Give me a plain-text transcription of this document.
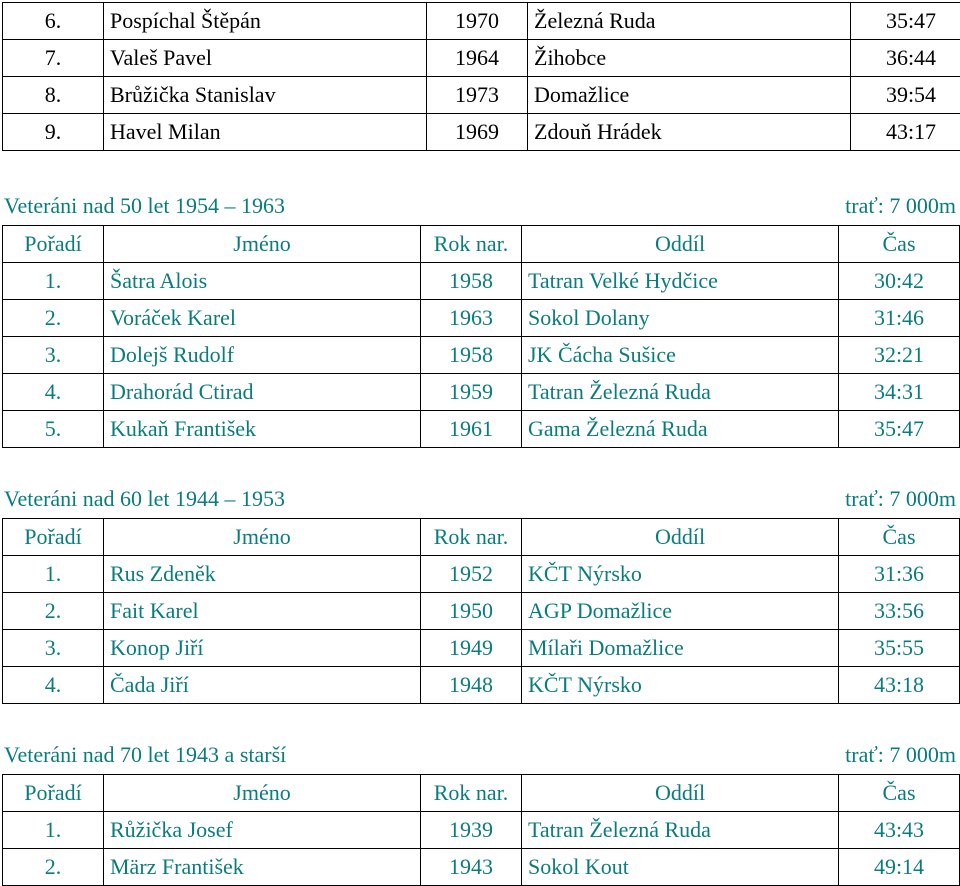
6.	Pospíchal Štěpán	1970	Železná Ruda	35:47
7.	Valeš Pavel	1964	Žihobce	36:44
8.	Brůžička Stanislav	1973	Domažlice	39:54
9.	Havel Milan	1969	Zdouň Hrádek	43:17
Veteráni nad 50 let 1954 – 1963	trať: 7 000m
Pořadí	Jméno	Rok nar.	Oddíl	Čas
1.	Šatra Alois	1958	Tatran Velké Hydčice	30:42
2.	Voráček Karel	1963	Sokol Dolany	31:46
3.	Dolejš Rudolf	1958	JK Čácha Sušice	32:21
4.	Drahorád Ctirad	1959	Tatran Železná Ruda	34:31
5.	Kukaň František	1961	Gama Železná Ruda	35:47
Veteráni nad 60 let 1944 – 1953	trať: 7 000m
Pořadí	Jméno	Rok nar.	Oddíl	Čas
1.	Rus Zdeněk	1952	KČT Nýrsko	31:36
2.	Fait Karel	1950	AGP Domažlice	33:56
3.	Konop Jiří	1949	Mílaři Domažlice	35:55
4.	Čada Jiří	1948	KČT Nýrsko	43:18
Veteráni nad 70 let 1943 a starší	trať: 7 000m
Pořadí	Jméno	Rok nar.	Oddíl	Čas
1.	Růžička Josef	1939	Tatran Železná Ruda	43:43
2.	März František	1943	Sokol Kout	49:14
